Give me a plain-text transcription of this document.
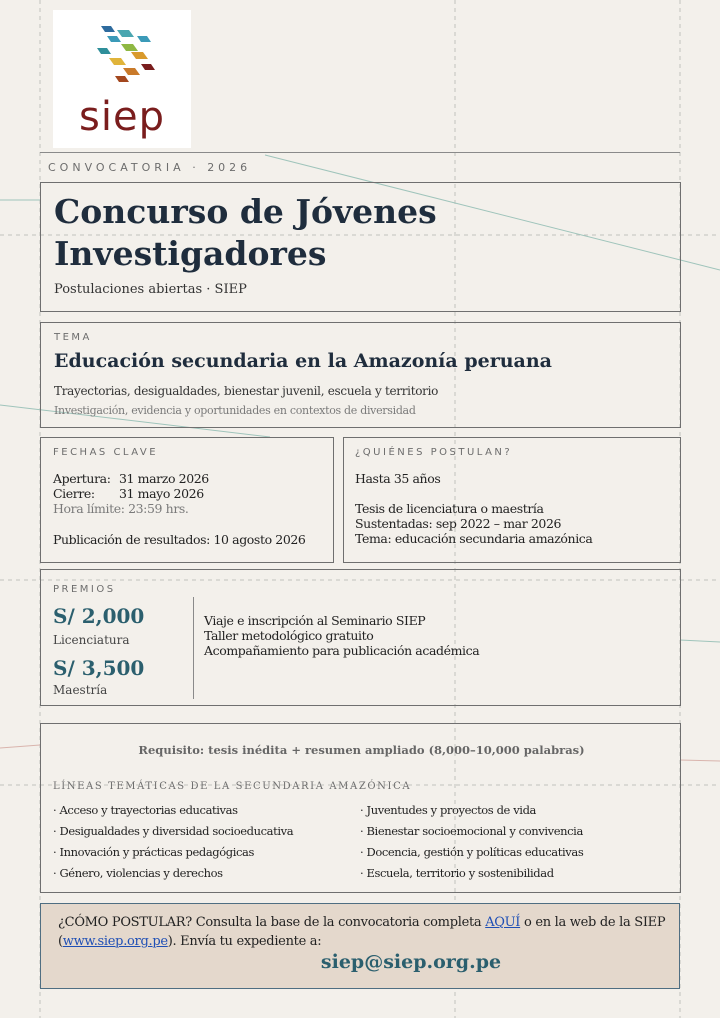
siep
CONVOCATORIA · 2026
Concurso de Jóvenes
Investigadores
Postulaciones abiertas · SIEP
TEMA
Educación secundaria en la Amazonía peruana
Trayectorias, desigualdades, bienestar juvenil, escuela y territorio
Investigación, evidencia y oportunidades en contextos de diversidad
FECHAS CLAVE
Apertura: 31 marzo 2026
Cierre: 31 mayo 2026
Hora límite: 23:59 hrs.
Publicación de resultados: 10 agosto 2026
¿QUIÉNES POSTULAN?
Hasta 35 años
Tesis de licenciatura o maestría
Sustentadas: sep 2022 – mar 2026
Tema: educación secundaria amazónica
PREMIOS
S/ 2,000
Licenciatura
S/ 3,500
Maestría
Viaje e inscripción al Seminario SIEP
Taller metodológico gratuito
Acompañamiento para publicación académica
Requisito: tesis inédita + resumen ampliado (8,000–10,000 palabras)
LÍNEAS TEMÁTICAS DE LA SECUNDARIA AMAZÓNICA
· Acceso y trayectorias educativas
· Desigualdades y diversidad socioeducativa
· Innovación y prácticas pedagógicas
· Género, violencias y derechos
· Juventudes y proyectos de vida
· Bienestar socioemocional y convivencia
· Docencia, gestión y políticas educativas
· Escuela, territorio y sostenibilidad
¿CÓMO POSTULAR? Consulta la base de la convocatoria completa AQUÍ o en la web de la SIEP (www.siep.org.pe). Envía tu expediente a:
siep@siep.org.pe
